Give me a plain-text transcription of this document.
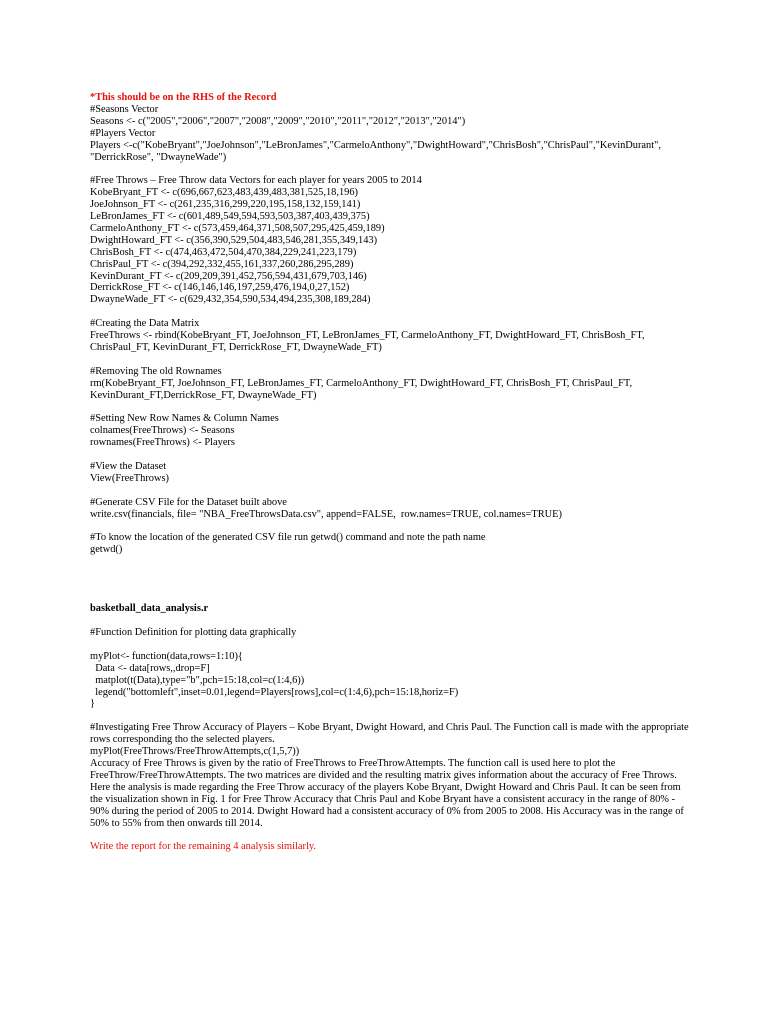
*This should be on the RHS of the Record
#Seasons Vector
Seasons <- c("2005","2006","2007","2008","2009","2010","2011","2012","2013","2014")
#Players Vector
Players <-c("KobeBryant","JoeJohnson","LeBronJames","CarmeloAnthony","DwightHoward","ChrisBosh","ChrisPaul","KevinDurant", "DerrickRose", "DwayneWade")
#Free Throws – Free Throw data Vectors for each player for years 2005 to 2014
KobeBryant_FT <- c(696,667,623,483,439,483,381,525,18,196)
JoeJohnson_FT <- c(261,235,316,299,220,195,158,132,159,141)
LeBronJames_FT <- c(601,489,549,594,593,503,387,403,439,375)
CarmeloAnthony_FT <- c(573,459,464,371,508,507,295,425,459,189)
DwightHoward_FT <- c(356,390,529,504,483,546,281,355,349,143)
ChrisBosh_FT <- c(474,463,472,504,470,384,229,241,223,179)
ChrisPaul_FT <- c(394,292,332,455,161,337,260,286,295,289)
KevinDurant_FT <- c(209,209,391,452,756,594,431,679,703,146)
DerrickRose_FT <- c(146,146,146,197,259,476,194,0,27,152)
DwayneWade_FT <- c(629,432,354,590,534,494,235,308,189,284)
#Creating the Data Matrix
FreeThrows <- rbind(KobeBryant_FT, JoeJohnson_FT, LeBronJames_FT, CarmeloAnthony_FT, DwightHoward_FT, ChrisBosh_FT, ChrisPaul_FT, KevinDurant_FT, DerrickRose_FT, DwayneWade_FT)
#Removing The old Rownames
rm(KobeBryant_FT, JoeJohnson_FT, LeBronJames_FT, CarmeloAnthony_FT, DwightHoward_FT, ChrisBosh_FT, ChrisPaul_FT, KevinDurant_FT,DerrickRose_FT, DwayneWade_FT)
#Setting New Row Names & Column Names
colnames(FreeThrows) <- Seasons
rownames(FreeThrows) <- Players
#View the Dataset
View(FreeThrows)
#Generate CSV File for the Dataset built above
write.csv(financials, file= "NBA_FreeThrowsData.csv", append=FALSE,  row.names=TRUE, col.names=TRUE)
#To know the location of the generated CSV file run getwd() command and note the path name
getwd()
basketball_data_analysis.r
#Function Definition for plotting data graphically
myPlot<- function(data,rows=1:10){
Data <- data[rows,,drop=F]
matplot(t(Data),type="b",pch=15:18,col=c(1:4,6))
legend("bottomleft",inset=0.01,legend=Players[rows],col=c(1:4,6),pch=15:18,horiz=F)
}
#Investigating Free Throw Accuracy of Players – Kobe Bryant, Dwight Howard, and Chris Paul. The Function call is made with the appropriate rows corresponding tho the selected players.
myPlot(FreeThrows/FreeThrowAttempts,c(1,5,7))
Accuracy of Free Throws is given by the ratio of FreeThrows to FreeThrowAttempts. The function call is used here to plot the FreeThrow/FreeThrowAttempts. The two matrices are divided and the resulting matrix gives information about the accuracy of Free Throws. Here the analysis is made regarding the Free Throw accuracy of the players Kobe Bryant, Dwight Howard and Chris Paul. It can be seen from the visualization shown in Fig. 1 for Free Throw Accuracy that Chris Paul and Kobe Bryant have a consistent accuracy in the range of 80% - 90% during the period of 2005 to 2014. Dwight Howard had a consistent accuracy of 0% from 2005 to 2008. His Accuracy was in the range of 50% to 55% from then onwards till 2014.
Write the report for the remaining 4 analysis similarly.
